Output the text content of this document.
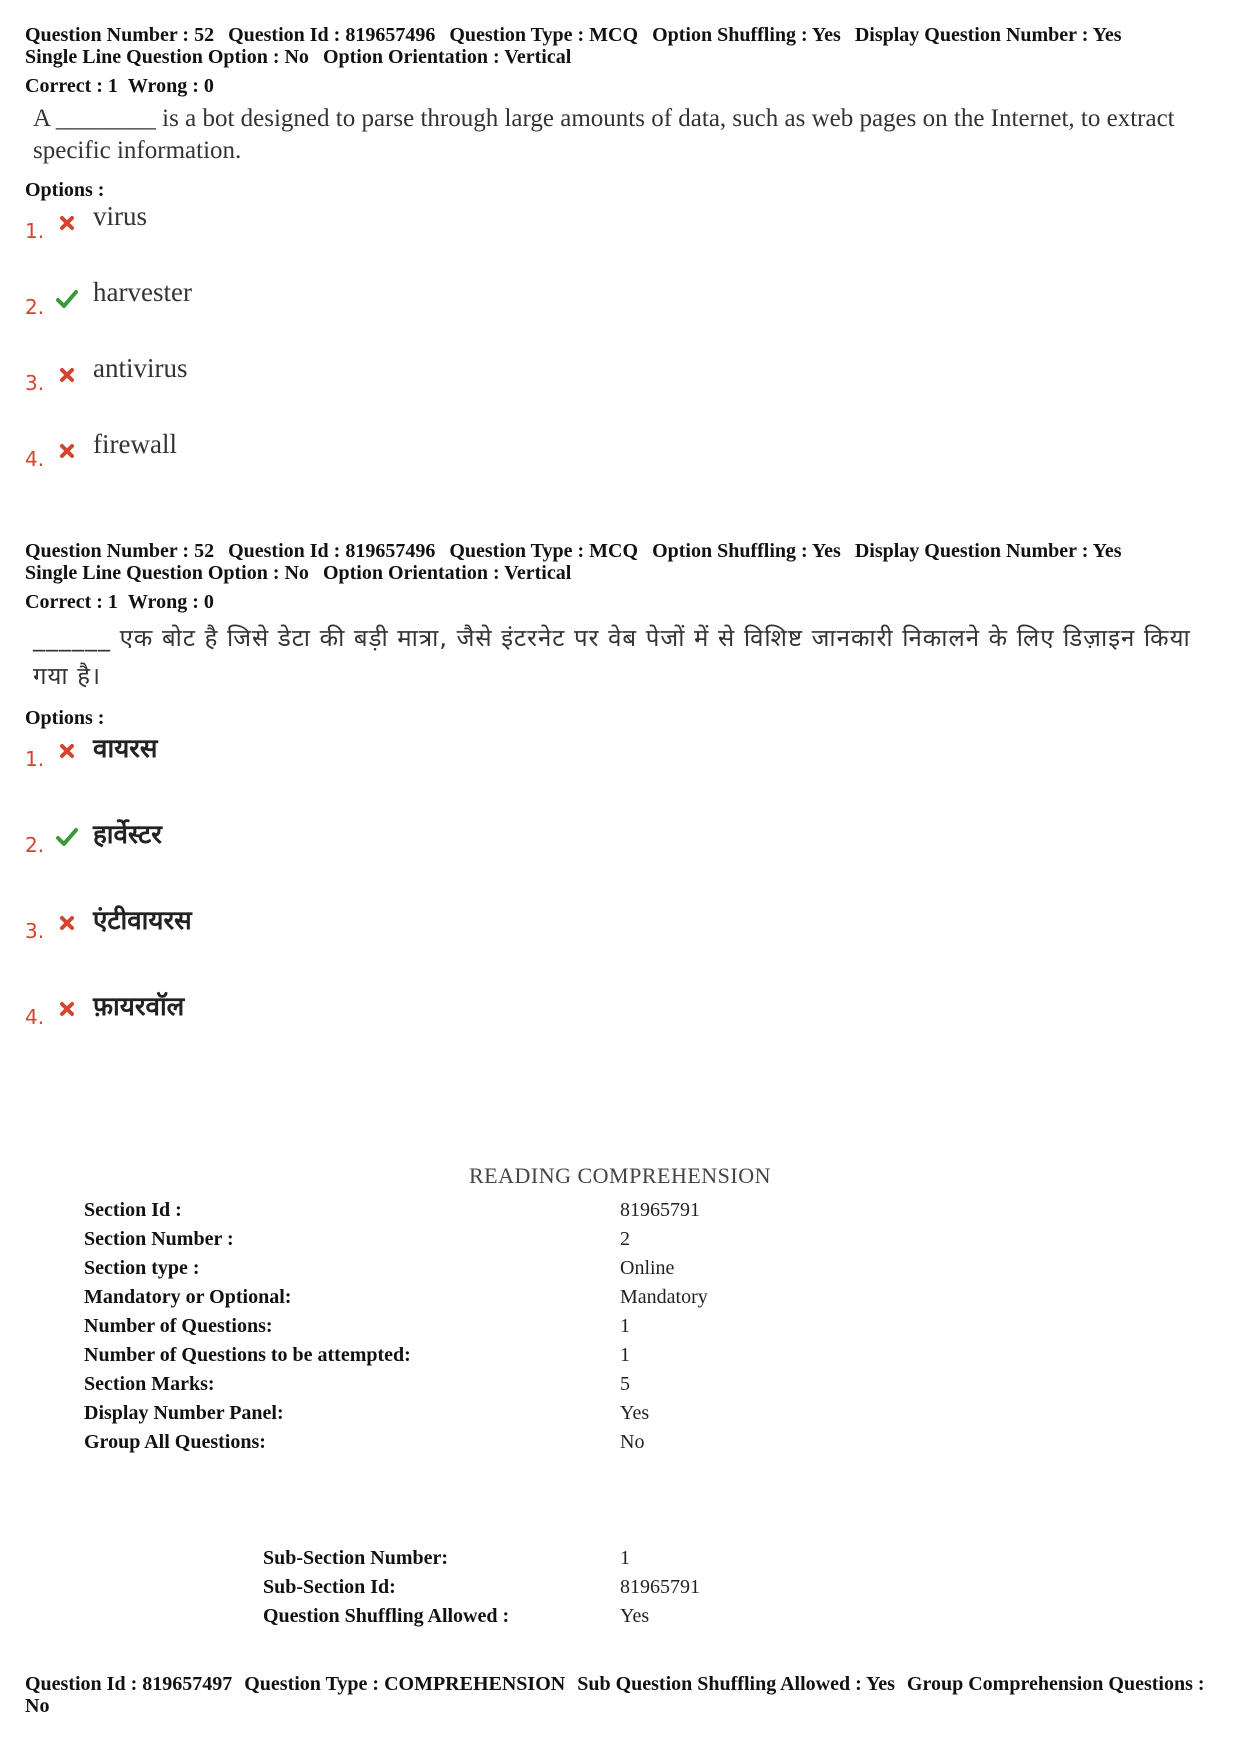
Question Number : 52 Question Id : 819657496 Question Type : MCQ Option Shuffling : Yes Display Question Number : Yes
Single Line Question Option : No Option Orientation : Vertical

Correct : 1 Wrong : 0

A ________ is a bot designed to parse through large amounts of data, such as web pages on the Internet, to extract specific information.

Options :

1. virus
2. harvester
3. antivirus
4. firewall

Question Number : 52 Question Id : 819657496 Question Type : MCQ Option Shuffling : Yes Display Question Number : Yes
Single Line Question Option : No Option Orientation : Vertical

Correct : 1 Wrong : 0

______ एक बोट है जिसे डेटा की बड़ी मात्रा, जैसे इंटरनेट पर वेब पेजों में से विशिष्ट जानकारी निकालने के लिए डिज़ाइन किया गया है।

Options :

1. वायरस
2. हार्वेस्टर
3. एंटीवायरस
4. फ़ायरवॉल
READING COMPREHENSION
Section Id :	81965791
Section Number :	2
Section type :	Online
Mandatory or Optional:	Mandatory
Number of Questions:	1
Number of Questions to be attempted:	1
Section Marks:	5
Display Number Panel:	Yes
Group All Questions:	No
Sub-Section Number:	1
Sub-Section Id:	81965791
Question Shuffling Allowed :	Yes
Question Id : 819657497 Question Type : COMPREHENSION Sub Question Shuffling Allowed : Yes Group Comprehension Questions : No
